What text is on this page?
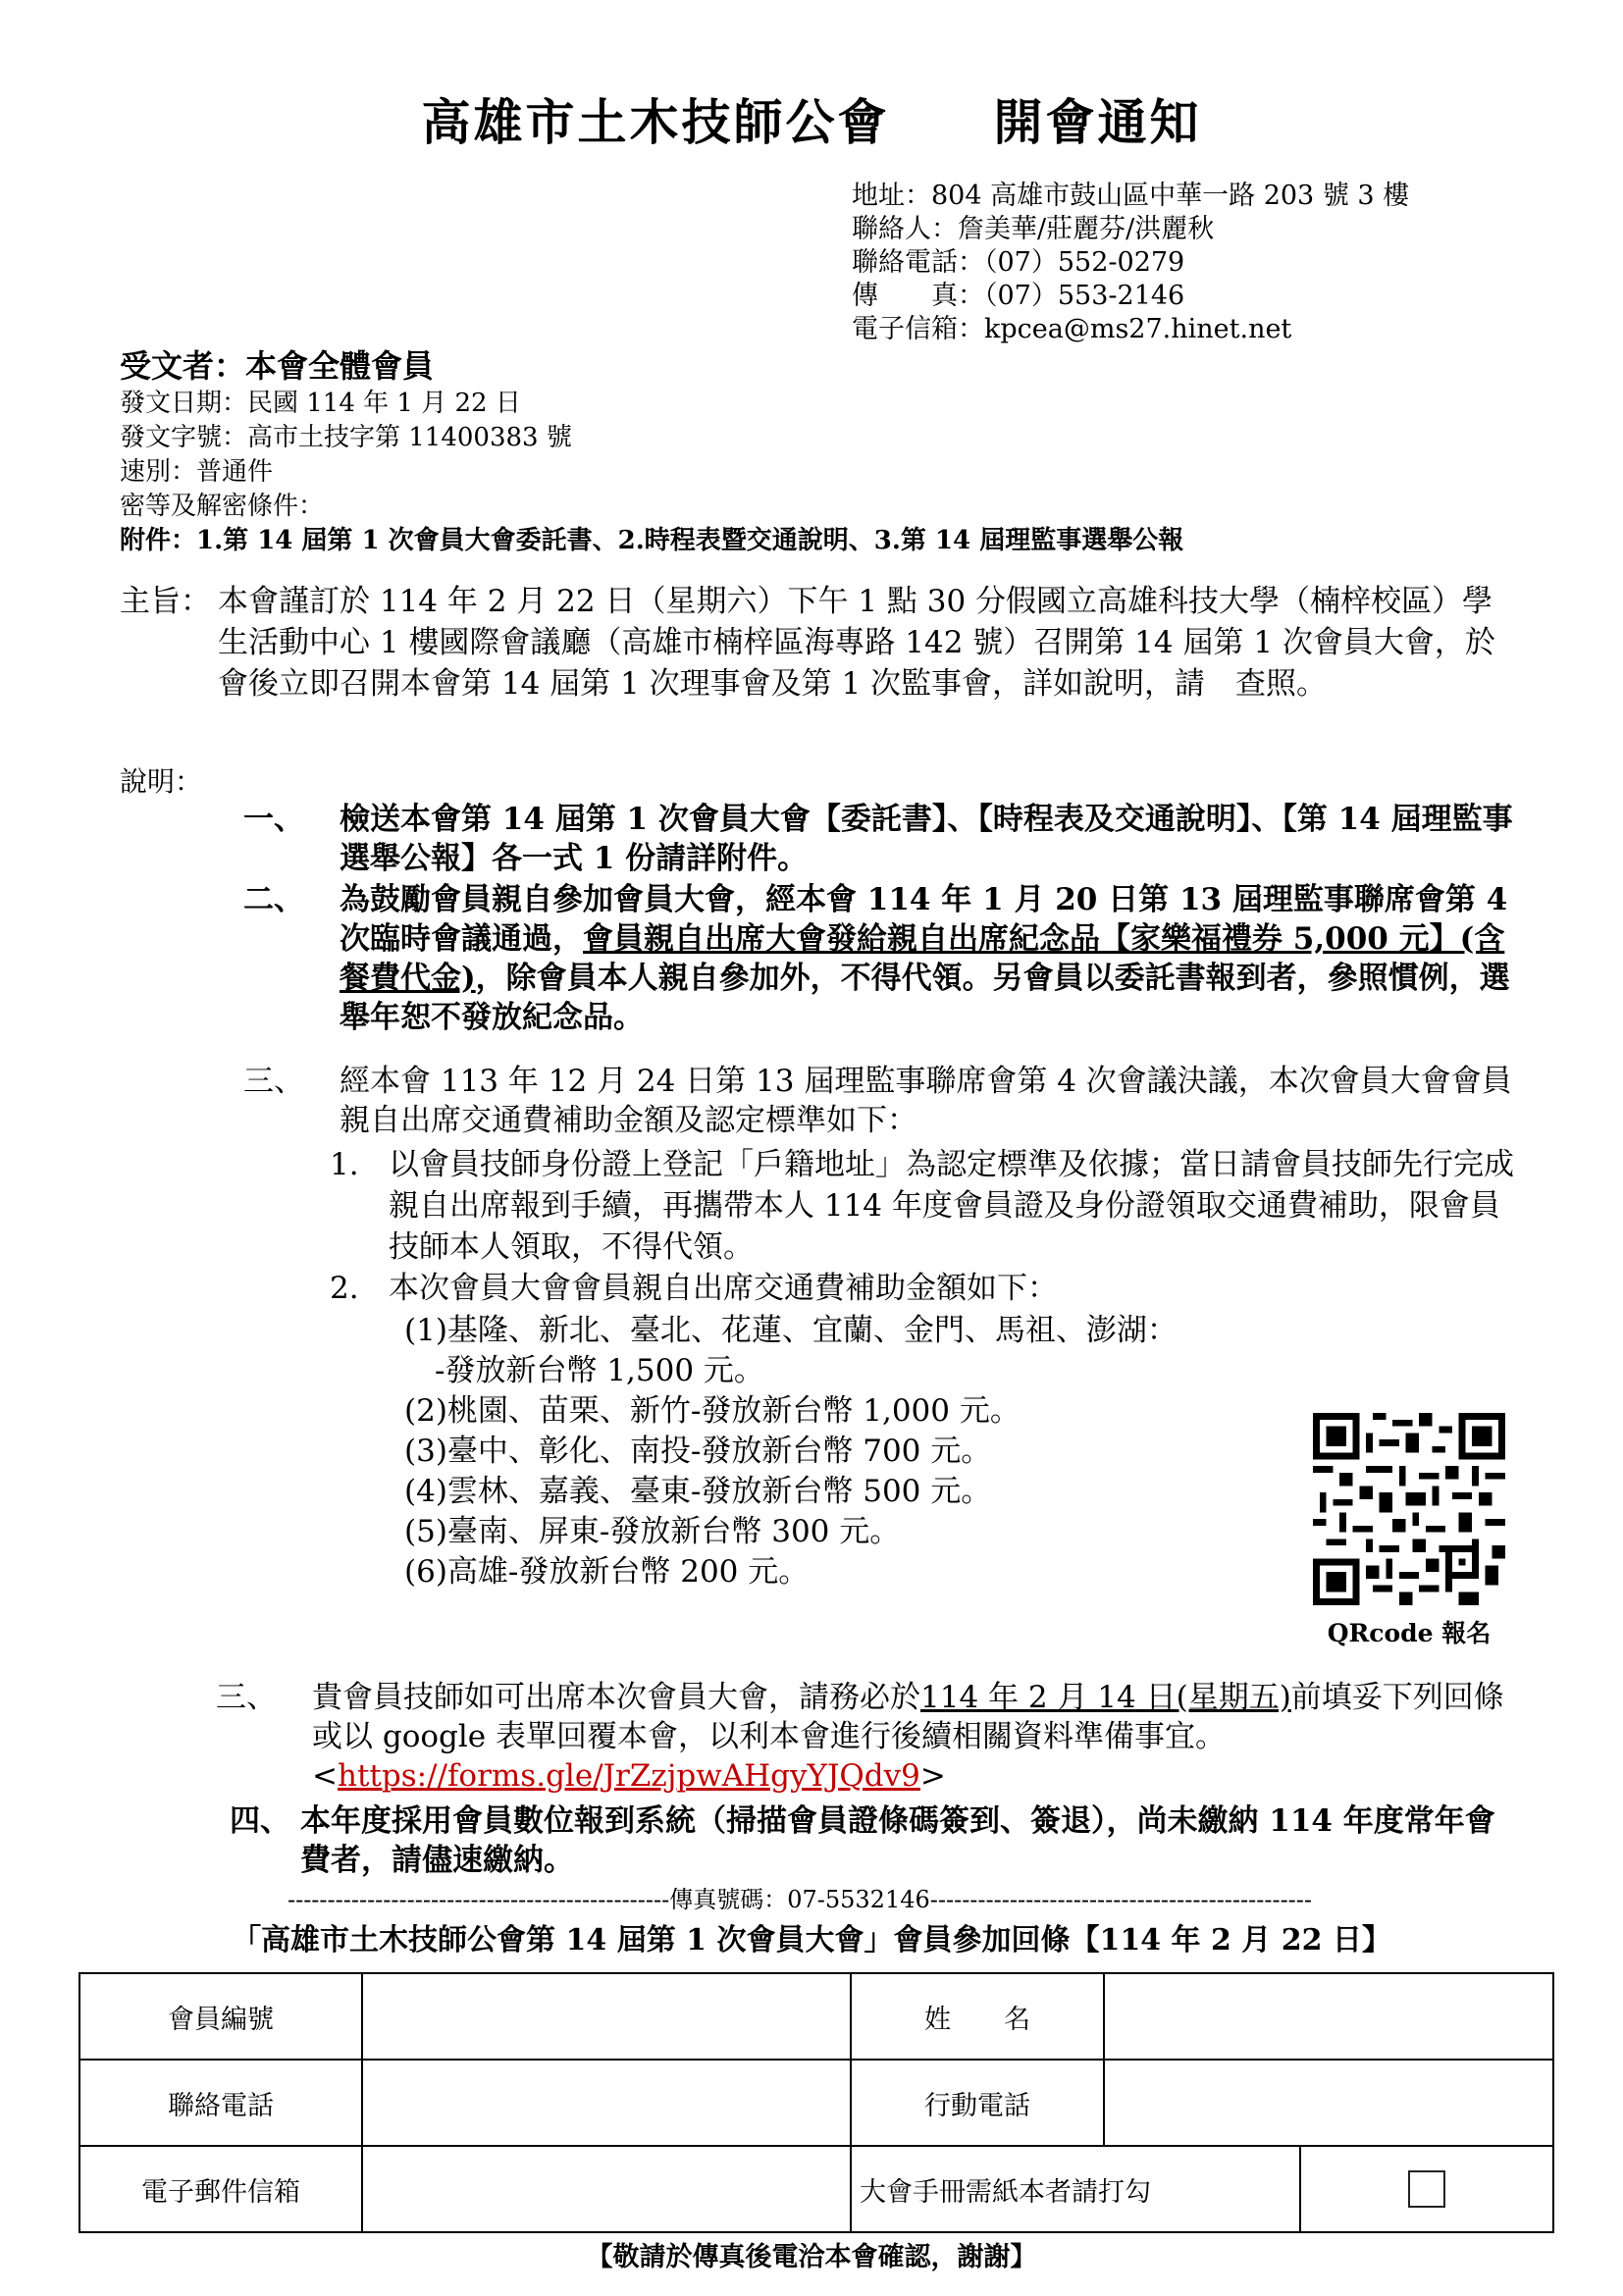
高雄市土木技師公會　　開會通知
地址：804 高雄市鼓山區中華一路 203 號 3 樓
聯絡人：詹美華/莊麗芬/洪麗秋
聯絡電話：（07）552-0279
傳　　真：（07）553-2146
電子信箱：kpcea@ms27.hinet.net
受文者：本會全體會員
發文日期：民國 114 年 1 月 22 日
發文字號：高市土技字第 11400383 號
速別：普通件
密等及解密條件：
附件：1.第 14 屆第 1 次會員大會委託書、2.時程表暨交通說明、3.第 14 屆理監事選舉公報
主旨： 本會謹訂於 114 年 2 月 22 日（星期六）下午 1 點 30 分假國立高雄科技大學（楠梓校區）學生活動中心 1 樓國際會議廳（高雄市楠梓區海專路 142 號）召開第 14 屆第 1 次會員大會，於會後立即召開本會第 14 屆第 1 次理事會及第 1 次監事會，詳如說明，請　查照。
說明：
一、 檢送本會第 14 屆第 1 次會員大會【委託書】、【時程表及交通說明】、【第 14 屆理監事選舉公報】各一式 1 份請詳附件。
二、 為鼓勵會員親自參加會員大會，經本會 114 年 1 月 20 日第 13 屆理監事聯席會第 4 次臨時會議通過，會員親自出席大會發給親自出席紀念品【家樂福禮券 5,000 元】(含餐費代金)，除會員本人親自參加外，不得代領。另會員以委託書報到者，參照慣例，選舉年恕不發放紀念品。
三、 經本會 113 年 12 月 24 日第 13 屆理監事聯席會第 4 次會議決議，本次會員大會會員親自出席交通費補助金額及認定標準如下：
1. 以會員技師身份證上登記「戶籍地址」為認定標準及依據；當日請會員技師先行完成親自出席報到手續，再攜帶本人 114 年度會員證及身份證領取交通費補助，限會員技師本人領取，不得代領。
2. 本次會員大會會員親自出席交通費補助金額如下：
(1)基隆、新北、臺北、花蓮、宜蘭、金門、馬祖、澎湖：
　-發放新台幣 1,500 元。
(2)桃園、苗栗、新竹-發放新台幣 1,000 元。
(3)臺中、彰化、南投-發放新台幣 700 元。
(4)雲林、嘉義、臺東-發放新台幣 500 元。
(5)臺南、屏東-發放新台幣 300 元。
(6)高雄-發放新台幣 200 元。
QRcode 報名
三、 貴會員技師如可出席本次會員大會，請務必於114 年 2 月 14 日(星期五)前填妥下列回條或以 google 表單回覆本會，以利本會進行後續相關資料準備事宜。<https://forms.gle/JrZzjpwAHgyYJQdv9>
四、 本年度採用會員數位報到系統（掃描會員證條碼簽到、簽退），尚未繳納 114 年度常年會費者，請儘速繳納。
------------------------------------------------傳真號碼：07-5532146------------------------------------------------
「高雄市土木技師公會第 14 屆第 1 次會員大會」會員參加回條【114 年 2 月 22 日】
會員編號		姓　　名		
聯絡電話		行動電話		
電子郵件信箱		大會手冊需紙本者請打勾		
【敬請於傳真後電洽本會確認，謝謝】
